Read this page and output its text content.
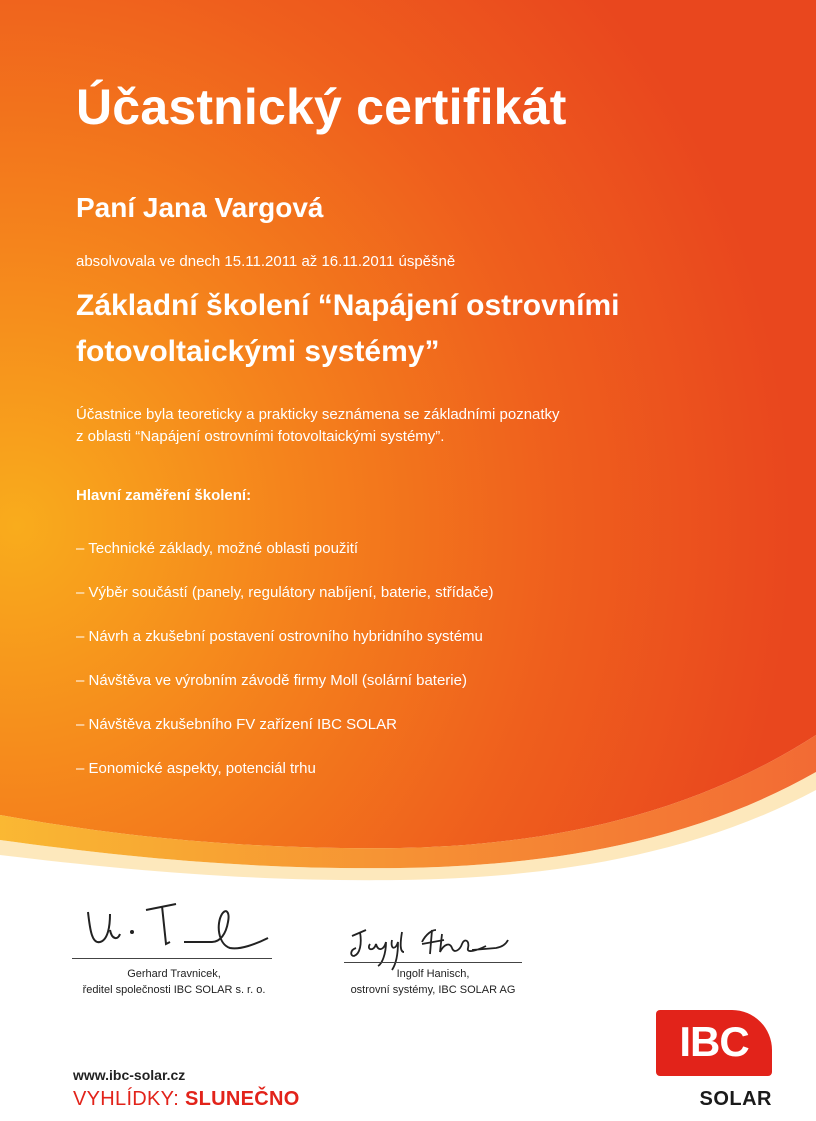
Účastnický certifikát
Paní Jana Vargová
absolvovala ve dnech 15.11.2011 až 16.11.2011 úspěšně
Základní školení “Napájení ostrovními
fotovoltaickými systémy”
Účastnice byla teoreticky a prakticky seznámena se základními poznatky
z oblasti “Napájení ostrovními fotovoltaickými systémy”.
Hlavní zaměření školení:
– Technické základy, možné oblasti použití
– Výběr součástí (panely, regulátory nabíjení, baterie, střídače)
– Návrh a zkušební postavení ostrovního hybridního systému
– Návštěva ve výrobním závodě firmy Moll (solární baterie)
– Návštěva zkušebního FV zařízení IBC SOLAR
– Eonomické aspekty, potenciál trhu
Gerhard Travnicek,
ředitel společnosti IBC SOLAR s. r. o.
Ingolf Hanisch,
ostrovní systémy, IBC SOLAR AG
www.ibc-solar.cz
VYHLÍDKY: SLUNEČNO
IBC
SOLAR
